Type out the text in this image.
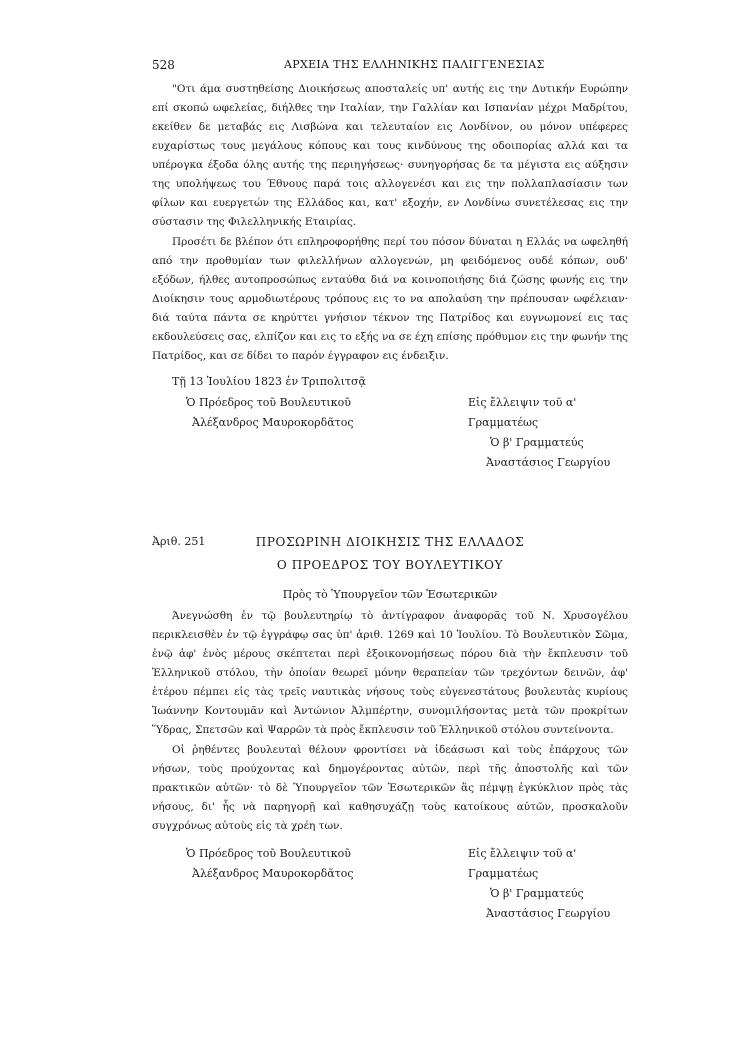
528	ΑΡΧΕΙΑ ΤΗΣ ΕΛΛΗΝΙΚΗΣ ΠΑΛΙΓΓΕΝΕΣΙΑΣ

"Οτι άμα συστηθείσης Διοικήσεως αποσταλείς υπ' αυτής εις την Δυτικήν Ευρώπην επί σκοπώ ωφελείας, διήλθες την Ιταλίαν, την Γαλλίαν και Ισπανίαν μέχρι Μαδρίτου, εκείθεν δε μεταβάς εις Λισβώνα και τελευταίον εις Λονδίνον, ου μόνον υπέφερες ευχαρίστως τους μεγάλους κόπους και τους κινδύνους της οδοιπορίας αλλά και τα υπέρογκα έξοδα όλης αυτής της περιηγήσεως· συνηγορήσας δε τα μέγιστα εις αύξησιν της υπολήψεως του Έθνους παρά τοις αλλογενέσι και εις την πολλαπλασίασιν των φίλων και ευεργετών της Ελλάδος και, κατ' εξοχήν, εν Λονδίνω συνετέλεσας εις την σύστασιν της Φιλελληνικής Εταιρίας.

Προσέτι δε βλέπον ότι επληροφορήθης περί του πόσον δύναται η Ελλάς να ωφεληθή από την προθυμίαν των φιλελλήνων αλλογενών, μη φειδόμενος ουδέ κόπων, ουδ' εξόδων, ήλθες αυτοπροσώπως ενταύθα διά να κοινοποιήσης διά ζώσης φωνής εις την Διοίκησιν τους αρμοδιωτέρους τρόπους εις το να απολαύση την πρέπουσαν ωφέλειαν· διά ταύτα πάντα σε κηρύττει γνήσιον τέκνον της Πατρίδος και ευγνωμονεί εις τας εκδουλεύσεις σας, ελπίζον και εις το εξής να σε έχη επίσης πρόθυμον εις την φωνήν της Πατρίδος, και σε δίδει το παρόν έγγραφον εις ένδειξιν.

Τῇ 13 Ἰουλίου 1823 ἐν Τριπολιτσᾷ
Ὁ Πρόεδρος τοῦ Βουλευτικοῦ
Ἀλέξανδρος Μαυροκορδᾶτος
Εἰς ἔλλειψιν τοῦ α' Γραμματέως
Ὁ β' Γραμματεύς
Ἀναστάσιος Γεωργίου
Ἀριθ. 251	ΠΡΟΣΩΡΙΝΗ ΔΙΟΙΚΗΣΙΣ ΤΗΣ ΕΛΛΑΔΟΣ

Ο ΠΡΟΕΔΡΟΣ ΤΟΥ ΒΟΥΛΕΥΤΙΚΟΥ

Πρὸς τὸ Ὑπουργεῖον τῶν Ἐσωτερικῶν

Ἀνεγνώσθη ἐν τῷ βουλευτηρίῳ τὸ ἀντίγραφον ἀναφορᾶς τοῦ Ν. Χρυσογέλου περικλεισθὲν ἐν τῷ ἐγγράφῳ σας ὑπ' ἀριθ. 1269 καὶ 10 Ἰουλίου. Τὸ Βουλευτικὸν Σῶμα, ἐνῷ ἀφ' ἑνὸς μέρους σκέπτεται περὶ ἐξοικονομήσεως πόρου διὰ τὴν ἔκπλευσιν τοῦ Ἑλληνικοῦ στόλου, τὴν ὁποίαν θεωρεῖ μόνην θεραπείαν τῶν τρεχόντων δεινῶν, ἀφ' ἑτέρου πέμπει εἰς τὰς τρεῖς ναυτικὰς νήσους τοὺς εὐγενεστάτους βουλευτὰς κυρίους Ἰωάννην Κοντουμᾶν καὶ Ἀντώνιον Ἀλμπέρτην, συνομιλήσοντας μετὰ τῶν προκρίτων Ὕδρας, Σπετσῶν καὶ Ψαρρῶν τὰ πρὸς ἔκπλευσιν τοῦ Ἑλληνικοῦ στόλου συντείνοντα.

Οἱ ῥηθέντες βουλευταὶ θέλουν φροντίσει νὰ ἰδεάσωσι καὶ τοὺς ἐπάρχους τῶν νήσων, τοὺς προύχοντας καὶ δημογέροντας αὐτῶν, περὶ τῆς ἀποστολῆς καὶ τῶν πρακτικῶν αὐτῶν· τὸ δὲ Ὑπουργεῖον τῶν Ἐσωτερικῶν ἂς πέμψῃ ἐγκύκλιον πρὸς τὰς νήσους, δι' ἧς νὰ παρηγορῇ καὶ καθησυχάζῃ τοὺς κατοίκους αὐτῶν, προσκαλοῦν συγχρόνως αὐτοὺς εἰς τὰ χρέη των.

Ὁ Πρόεδρος τοῦ Βουλευτικοῦ
Ἀλέξανδρος Μαυροκορδᾶτος
Εἰς ἔλλειψιν τοῦ α' Γραμματέως
Ὁ β' Γραμματεύς
Ἀναστάσιος Γεωργίου
